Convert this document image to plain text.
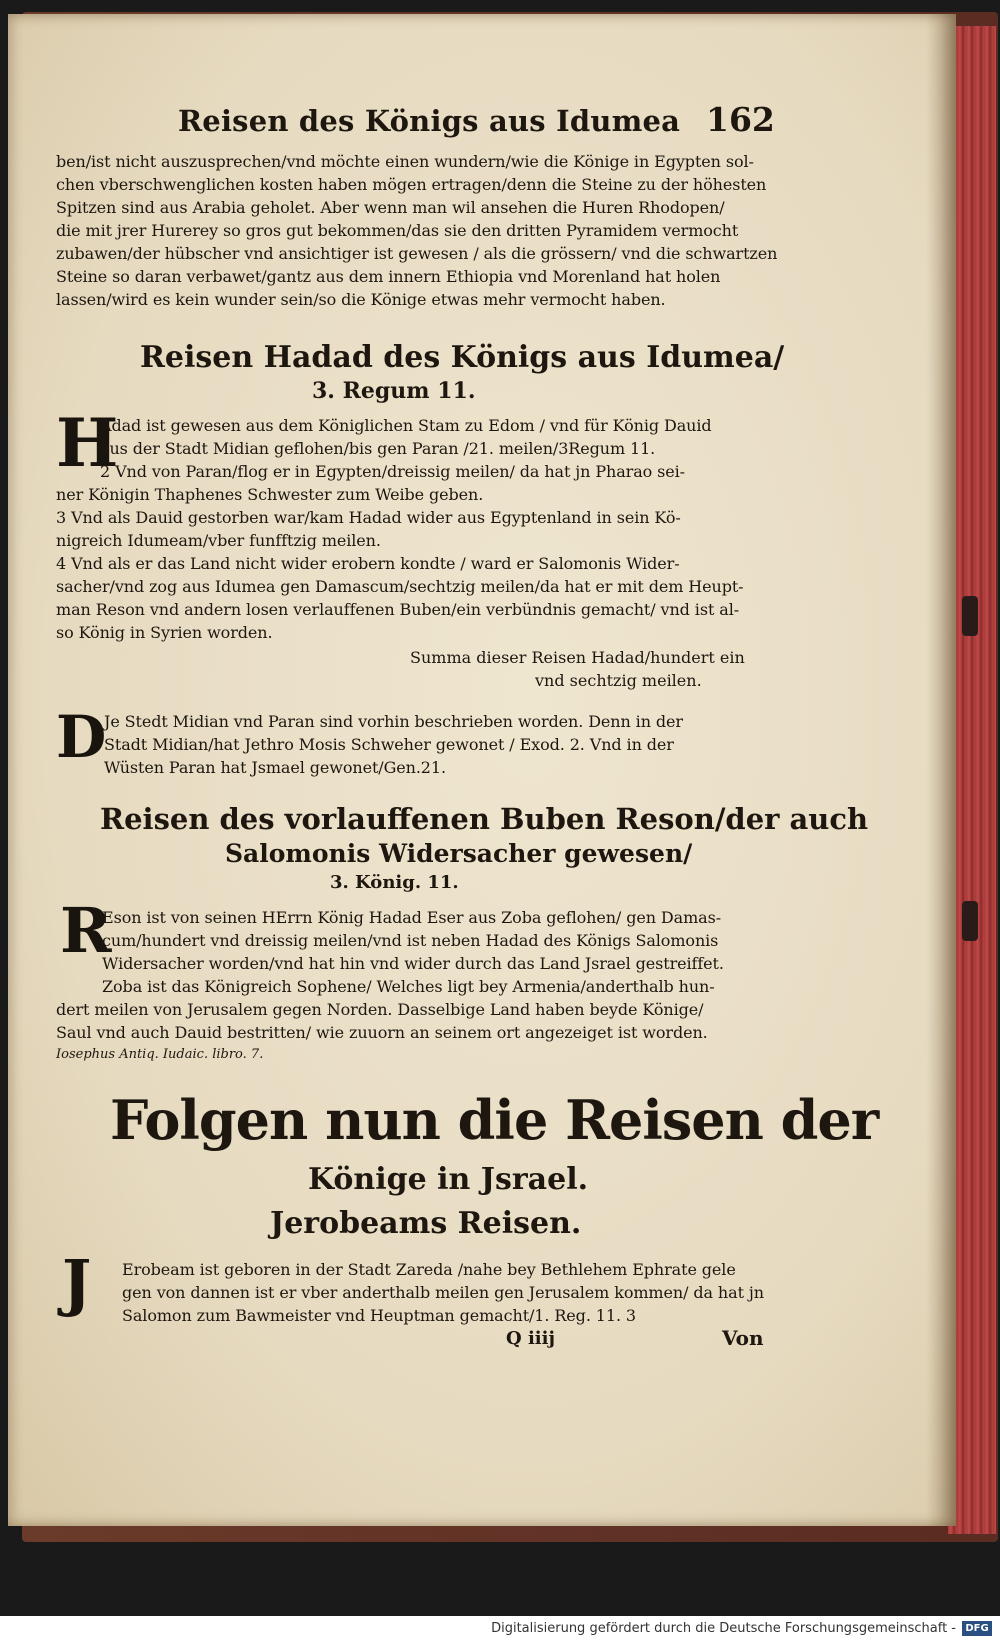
Reisen des Königs aus Idumea 162
ben/ist nicht auszusprechen/vnd möchte einen wundern/wie die Könige in Egypten sol-
chen vberschwenglichen kosten haben mögen ertragen/denn die Steine zu der höhesten
Spitzen sind aus Arabia geholet. Aber wenn man wil ansehen die Huren Rhodopen/
die mit jrer Hurerey so gros gut bekommen/das sie den dritten Pyramidem vermocht
zubawen/der hübscher vnd ansichtiger ist gewesen / als die grössern/ vnd die schwartzen
Steine so daran verbawet/gantz aus dem innern Ethiopia vnd Morenland hat holen
lassen/wird es kein wunder sein/so die Könige etwas mehr vermocht haben.
Reisen Hadad des Königs aus Idumea/
3. Regum 11.
H
Adad ist gewesen aus dem Königlichen Stam zu Edom / vnd für König Dauid
aus der Stadt Midian geflohen/bis gen Paran /21. meilen/3Regum 11.
2 Vnd von Paran/flog er in Egypten/dreissig meilen/ da hat jn Pharao sei-
ner Königin Thaphenes Schwester zum Weibe geben.
3 Vnd als Dauid gestorben war/kam Hadad wider aus Egyptenland in sein Kö-
nigreich Idumeam/vber funfftzig meilen.
4 Vnd als er das Land nicht wider erobern kondte / ward er Salomonis Wider-
sacher/vnd zog aus Idumea gen Damascum/sechtzig meilen/da hat er mit dem Heupt-
man Reson vnd andern losen verlauffenen Buben/ein verbündnis gemacht/ vnd ist al-
so König in Syrien worden.
Summa dieser Reisen Hadad/hundert ein
vnd sechtzig meilen.
D
Je Stedt Midian vnd Paran sind vorhin beschrieben worden. Denn in der
Stadt Midian/hat Jethro Mosis Schweher gewonet / Exod. 2. Vnd in der
Wüsten Paran hat Jsmael gewonet/Gen.21.
Reisen des vorlauffenen Buben Reson/der auch
Salomonis Widersacher gewesen/
3. König. 11.
R
Eson ist von seinen HErrn König Hadad Eser aus Zoba geflohen/ gen Damas-
cum/hundert vnd dreissig meilen/vnd ist neben Hadad des Königs Salomonis
Widersacher worden/vnd hat hin vnd wider durch das Land Jsrael gestreiffet.
Zoba ist das Königreich Sophene/ Welches ligt bey Armenia/anderthalb hun-
dert meilen von Jerusalem gegen Norden. Dasselbige Land haben beyde Könige/
Saul vnd auch Dauid bestritten/ wie zuuorn an seinem ort angezeiget ist worden.
Iosephus Antiq. Iudaic. libro. 7.
Folgen nun die Reisen der
Könige in Jsrael.
Jerobeams Reisen.
J Erobeam ist geboren in der Stadt Zareda /nahe bey Bethlehem Ephrate gele
gen von dannen ist er vber anderthalb meilen gen Jerusalem kommen/ da hat jn
Salomon zum Bawmeister vnd Heuptman gemacht/1. Reg. 11. 3
Q iiij	Von
Digitalisierung gefördert durch die Deutsche Forschungsgemeinschaft - DFG
